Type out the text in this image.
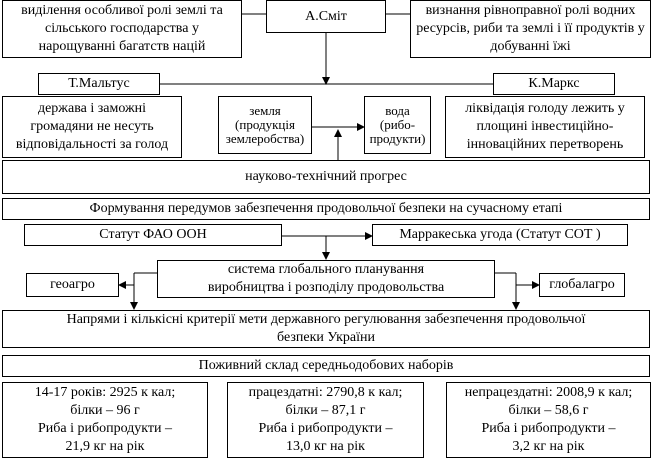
виділення особливої ролі землі та сільського господарства у нарощуванні багатств націй
А.Сміт	визнання рівноправної ролі водних ресурсів, риби та землі і її продуктів у добуванні їжі
Т.Мальтус	К.Маркс
держава і заможні громадяни не несуть відповідальності за голод
земля
(продукція
землеробства)
вода
(рибо-
продукти)
ліквідація голоду лежить у площині інвестиційно-інноваційних перетворень
науково-технічний прогрес
Формування передумов забезпечення продовольчої безпеки на сучасному етапі
Статут ФАО ООН	Марракеська угода (Статут СОТ )
геоагро
система глобального планування
виробництва і розподілу продовольства	глобалагро
Напрями і кількісні критерії мети державного регулювання забезпечення продовольчої
безпеки України
Поживний склад середньодобових наборів
14-17 років: 2925 к кал;
білки – 96 г
Риба і рибопродукти –
21,9 кг на рік
працездатні: 2790,8 к кал;
білки – 87,1 г
Риба і рибопродукти –
13,0 кг на рік
непрацездатні: 2008,9 к кал;
білки – 58,6 г
Риба і рибопродукти –
3,2 кг на рік
